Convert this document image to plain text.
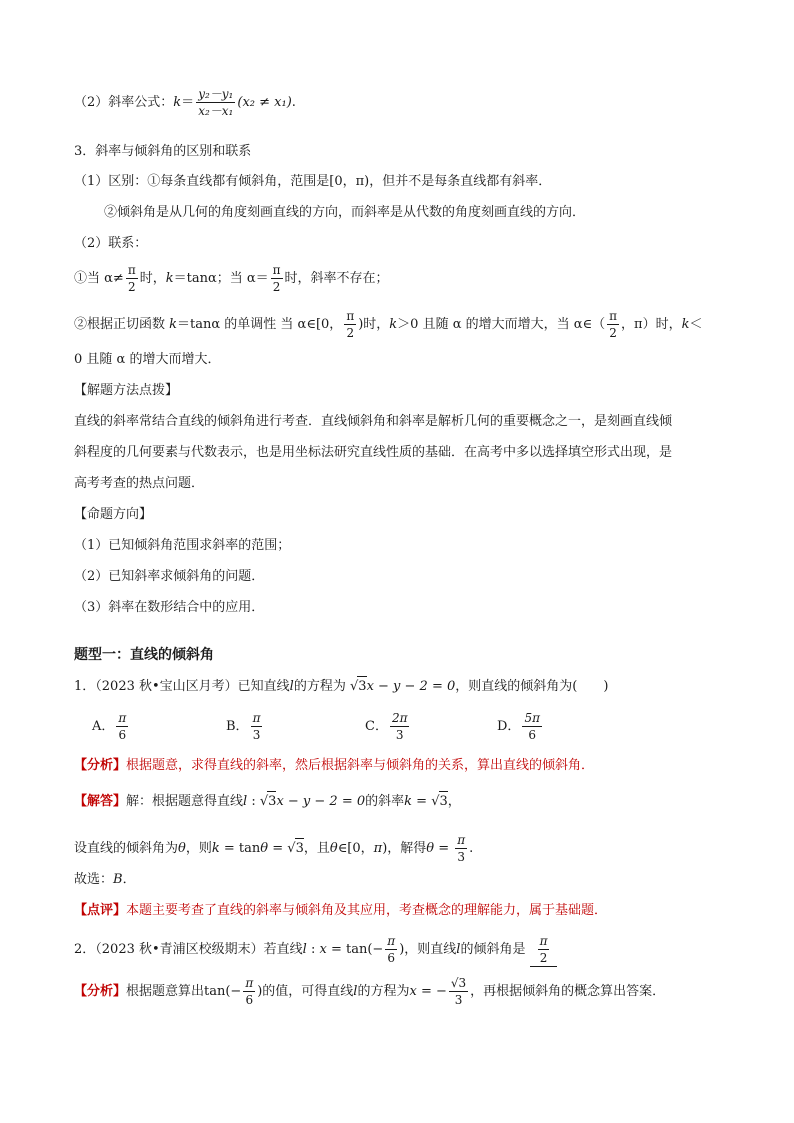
（2）斜率公式：$k= \frac{\text{y₂－y₁}}{\text{x₂－x₁}} (x_2 \ne x_1)$.
3．斜率与倾斜角的区别和联系
（1）区别：①每条直线都有倾斜角，范围是[0，π)，但并不是每条直线都有斜率．
②倾斜角是从几何的角度刻画直线的方向，而斜率是从代数的角度刻画直线的方向．
（2）联系：
①当 $\alpha\ne \frac{\pi}{2}$ 时，k＝tanα；当 $\alpha= \frac{\pi}{2}$ 时，斜率不存在；
②根据正切函数 k＝tanα 的单调性 当 α∈[0， $\frac{\pi}{2}$ )时，k＞0 且随 α 的增大而增大，当 α∈（ $\frac{\pi}{2}$ ，π）时，k＜
0 且随 α 的增大而增大．
【解题方法点拨】
直线的斜率常结合直线的倾斜角进行考查．直线倾斜角和斜率是解析几何的重要概念之一，是刻画直线倾
斜程度的几何要素与代数表示，也是用坐标法研究直线性质的基础．在高考中多以选择填空形式出现，是
高考考查的热点问题．
【命题方向】
（1）已知倾斜角范围求斜率的范围；
（2）已知斜率求倾斜角的问题．
（3）斜率在数形结合中的应用．
题型一：直线的倾斜角
1．（2023 秋•宝山区月考）已知直线l的方程为 √3x − y − 2 = 0，则直线的倾斜角为(　　)
A． $\frac{\pi}{6}$	B． $\frac{\pi}{3}$	C． $\frac{2\pi}{3}$	D． $\frac{5\pi}{6}$
【分析】根据题意，求得直线的斜率，然后根据斜率与倾斜角的关系，算出直线的倾斜角．
【解答】解：根据题意得直线l : √3x − y − 2 = 0的斜率k = √3，
设直线的倾斜角为θ，则k = tanθ = √3，且θ∈[0，π)，解得$\theta = \frac{\pi}{3}$ .
故选：B．
【点评】本题主要考查了直线的斜率与倾斜角及其应用，考查概念的理解能力，属于基础题．
2．（2023 秋•青浦区校级期末）若直线l : $x = \tan(- \frac{\pi}{6}$ )，则直线l的倾斜角是 $\frac{\pi}{2}$
【分析】根据题意算出$\tan(- \frac{\pi}{6}$ )的值，可得直线l的方程为x = − $\frac{√3}{3}$ ，再根据倾斜角的概念算出答案．
